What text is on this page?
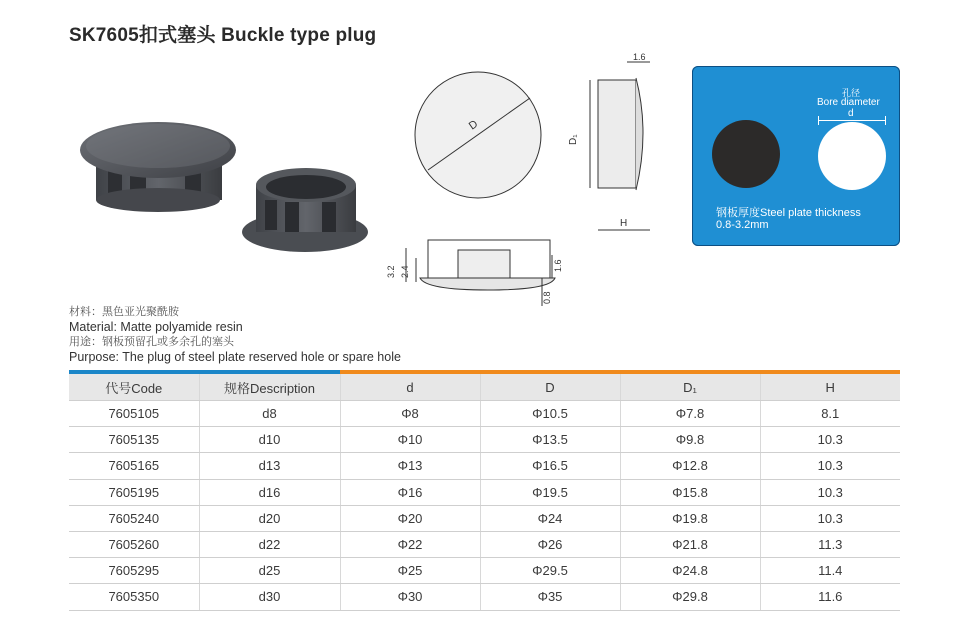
SK7605扣式塞头 Buckle type plug
D
D₁
H
1.6
3.2 2.4	1.6
0.8
孔径
Bore diameter
d
钢板厚度Steel plate thickness
0.8-3.2mm
材料：黑色亚光聚酰胺
Material: Matte polyamide resin
用途：钢板预留孔或多余孔的塞头
Purpose: The plug of steel plate reserved hole or spare hole
代号Code	规格Description	d	D	D₁	H
7605105	d8	Φ8	Φ10.5	Φ7.8	8.1
7605135	d10	Φ10	Φ13.5	Φ9.8	10.3
7605165	d13	Φ13	Φ16.5	Φ12.8	10.3
7605195	d16	Φ16	Φ19.5	Φ15.8	10.3
7605240	d20	Φ20	Φ24	Φ19.8	10.3
7605260	d22	Φ22	Φ26	Φ21.8	11.3
7605295	d25	Φ25	Φ29.5	Φ24.8	11.4
7605350	d30	Φ30	Φ35	Φ29.8	11.6
